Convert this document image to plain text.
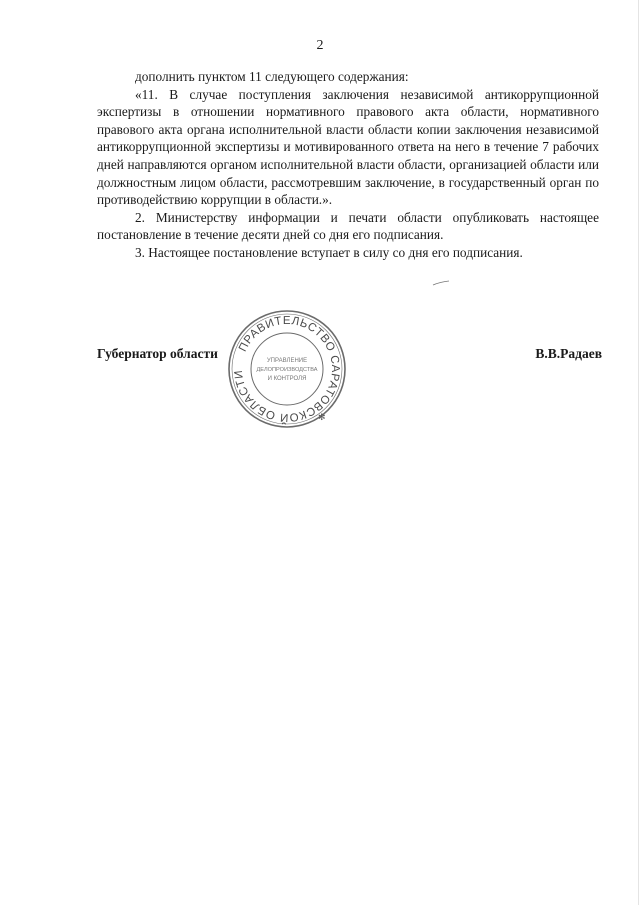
2

дополнить пунктом 11 следующего содержания:

«11. В случае поступления заключения независимой антикоррупционной экспертизы в отношении нормативного правового акта области, нормативного правового акта органа исполнительной власти области копии заключения независимой антикоррупционной экспертизы и мотивированного ответа на него в течение 7 рабочих дней направляются органом исполнительной власти области, организацией области или должностным лицом области, рассмотревшим заключение, в государственный орган по противодействию коррупции в области.».

2. Министерству информации и печати области опубликовать настоящее постановление в течение десяти дней со дня его подписания.

3. Настоящее постановление вступает в силу со дня его подписания.

Губернатор области	ПРАВИТЕЛЬСТВО САРАТОВСКОЙ ОБЛАСТИ
✻
УПРАВЛЕНИЕ
ДЕЛОПРОИЗВОДСТВА
И КОНТРОЛЯ
В.В.Радаев
